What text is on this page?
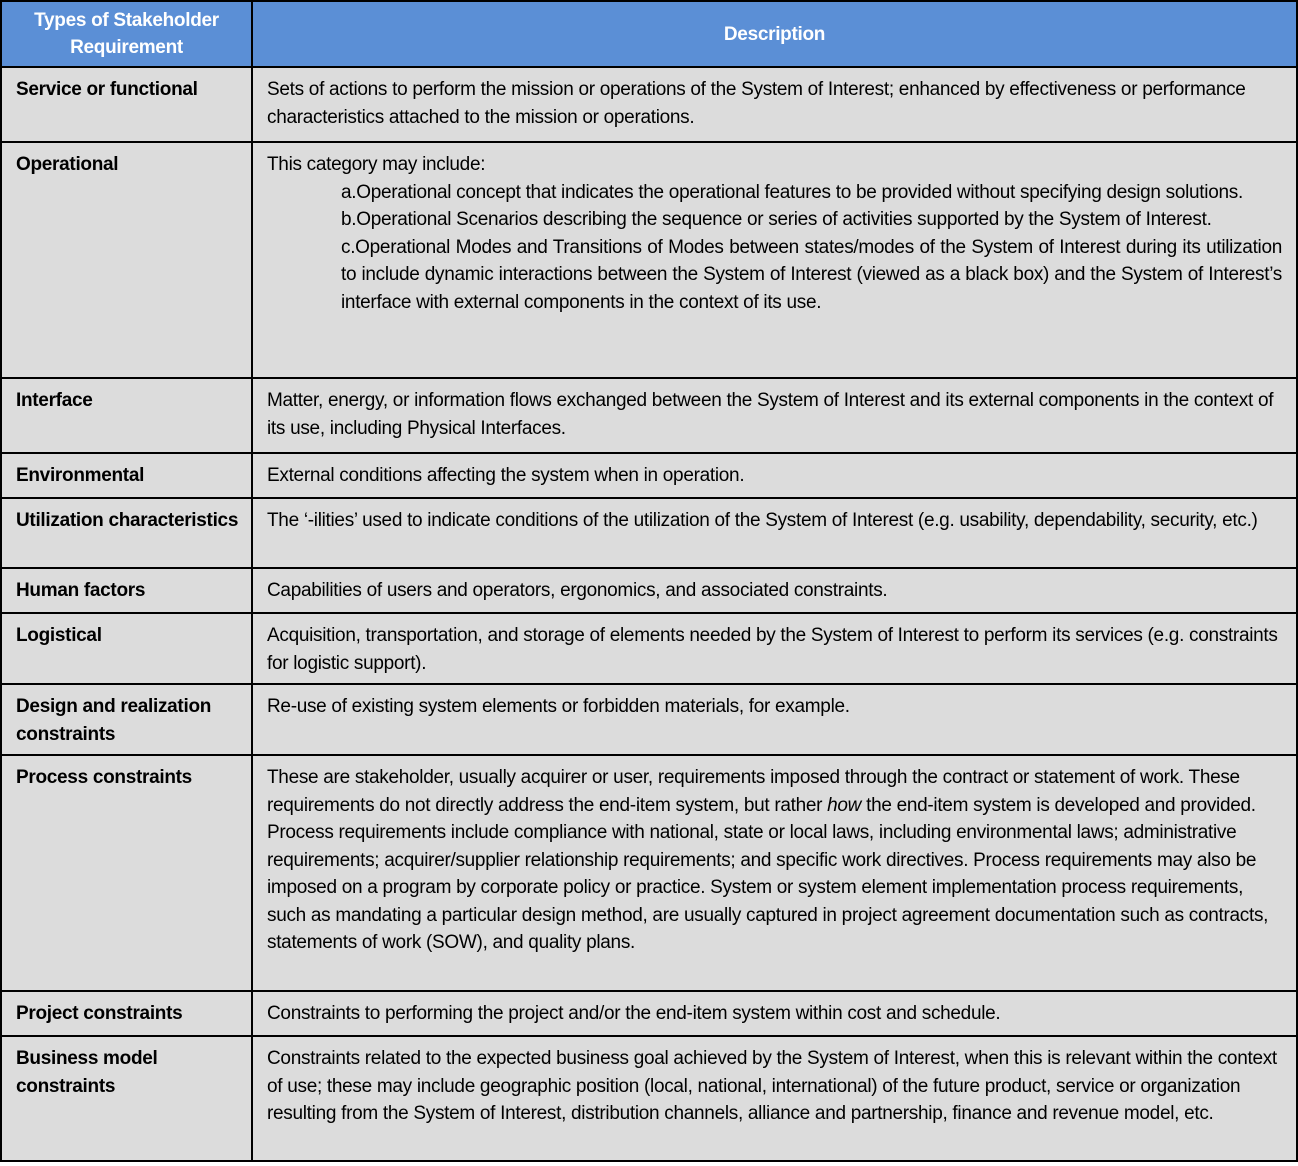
Types of Stakeholder Requirement	Description
Service or functional	Sets of actions to perform the mission or operations of the System of Interest; enhanced by effectiveness or performance characteristics attached to the mission or operations.
Operational	This category may include:
a.Operational concept that indicates the operational features to be provided without specifying design solutions.
b.Operational Scenarios describing the sequence or series of activities supported by the System of Interest.
c.Operational Modes and Transitions of Modes between states/modes of the System of Interest during its utilization to include dynamic interactions between the System of Interest (viewed as a black box) and the System of Interest’s interface with external components in the context of its use.

Interface	Matter, energy, or information flows exchanged between the System of Interest and its external components in the context of its use, including Physical Interfaces.
Environmental	External conditions affecting the system when in operation.
Utilization characteristics	The ‘-ilities’ used to indicate conditions of the utilization of the System of Interest (e.g. usability, dependability, security, etc.)
Human factors	Capabilities of users and operators, ergonomics, and associated constraints.
Logistical	Acquisition, transportation, and storage of elements needed by the System of Interest to perform its services (e.g. constraints for logistic support).
Design and realization constraints	Re-use of existing system elements or forbidden materials, for example.
Process constraints	These are stakeholder, usually acquirer or user, requirements imposed through the contract or statement of work. These requirements do not directly address the end-item system, but rather how the end-item system is developed and provided. Process requirements include compliance with national, state or local laws, including environmental laws; administrative requirements; acquirer/supplier relationship requirements; and specific work directives. Process requirements may also be imposed on a program by corporate policy or practice. System or system element implementation process requirements, such as mandating a particular design method, are usually captured in project agreement documentation such as contracts, statements of work (SOW), and quality plans.
Project constraints	Constraints to performing the project and/or the end-item system within cost and schedule.
Business model constraints	Constraints related to the expected business goal achieved by the System of Interest, when this is relevant within the context of use; these may include geographic position (local, national, international) of the future product, service or organization resulting from the System of Interest, distribution channels, alliance and partnership, finance and revenue model, etc.
